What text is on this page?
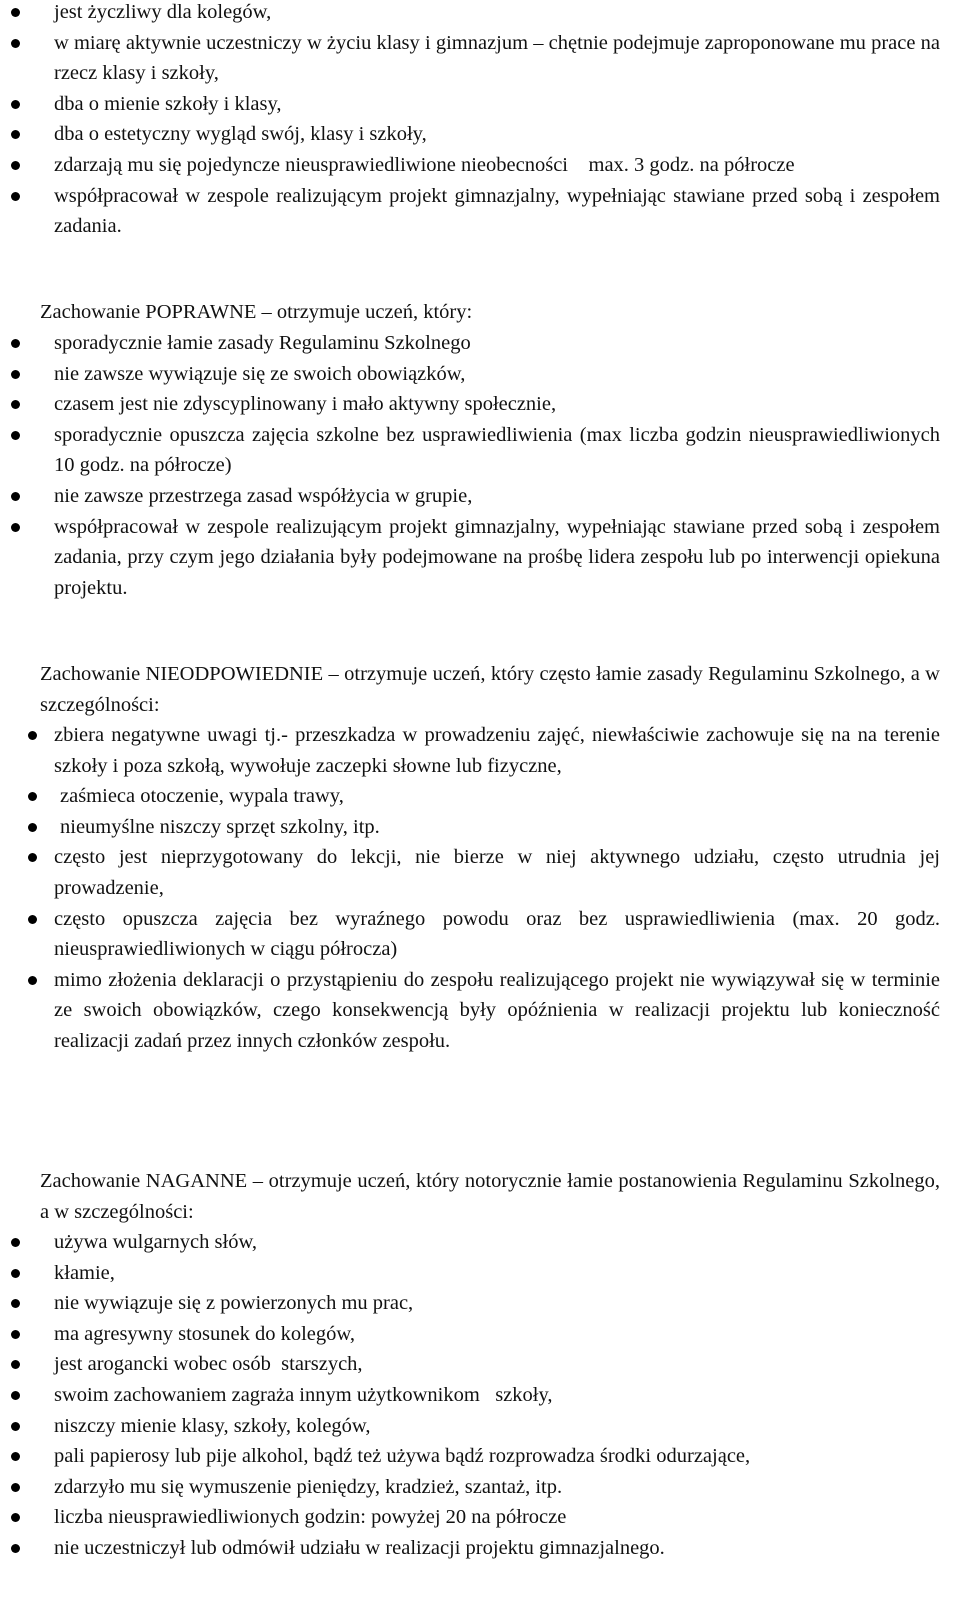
jest życzliwy dla kolegów,
w miarę aktywnie uczestniczy w życiu klasy i gimnazjum – chętnie podejmuje zaproponowane mu prace na rzecz klasy i szkoły,
dba o mienie szkoły i klasy,
dba o estetyczny wygląd swój, klasy i szkoły,
zdarzają mu się pojedyncze nieusprawiedliwione nieobecności    max. 3 godz. na półrocze
współpracował w zespole realizującym projekt gimnazjalny, wypełniając stawiane przed sobą i zespołem zadania.
Zachowanie POPRAWNE – otrzymuje uczeń, który:
sporadycznie łamie zasady Regulaminu Szkolnego
nie zawsze wywiązuje się ze swoich obowiązków,
czasem jest nie zdyscyplinowany i mało aktywny społecznie,
sporadycznie opuszcza zajęcia szkolne bez usprawiedliwienia (max liczba godzin nieusprawiedliwionych 10 godz. na półrocze)
nie zawsze przestrzega zasad współżycia w grupie,
współpracował w zespole realizującym projekt gimnazjalny, wypełniając stawiane przed sobą i zespołem zadania, przy czym jego działania były podejmowane na prośbę lidera zespołu lub po interwencji opiekuna projektu.
Zachowanie NIEODPOWIEDNIE – otrzymuje uczeń, który często łamie zasady Regulaminu Szkolnego, a w szczególności:
zbiera negatywne uwagi tj.- przeszkadza w prowadzeniu zajęć, niewłaściwie zachowuje się na na terenie szkoły i poza szkołą, wywołuje zaczepki słowne lub fizyczne,
zaśmieca otoczenie, wypala trawy,
nieumyślne niszczy sprzęt szkolny, itp.
często jest nieprzygotowany do lekcji, nie bierze w niej aktywnego udziału, często utrudnia jej prowadzenie,
często opuszcza zajęcia bez wyraźnego powodu oraz bez usprawiedliwienia (max. 20 godz. nieusprawiedliwionych w ciągu półrocza)
mimo złożenia deklaracji o przystąpieniu do zespołu realizującego projekt nie wywiązywał się w terminie ze swoich obowiązków, czego konsekwencją były opóźnienia w realizacji projektu lub konieczność realizacji zadań przez innych członków zespołu.
Zachowanie NAGANNE – otrzymuje uczeń, który notorycznie łamie postanowienia Regulaminu Szkolnego, a w szczególności:
używa wulgarnych słów,
kłamie,
nie wywiązuje się z powierzonych mu prac,
ma agresywny stosunek do kolegów,
jest arogancki wobec osób  starszych,
swoim zachowaniem zagraża innym użytkownikom   szkoły,
niszczy mienie klasy, szkoły, kolegów,
pali papierosy lub pije alkohol, bądź też używa bądź rozprowadza środki odurzające,
zdarzyło mu się wymuszenie pieniędzy, kradzież, szantaż, itp.
liczba nieusprawiedliwionych godzin: powyżej 20 na półrocze
nie uczestniczył lub odmówił udziału w realizacji projektu gimnazjalnego.
